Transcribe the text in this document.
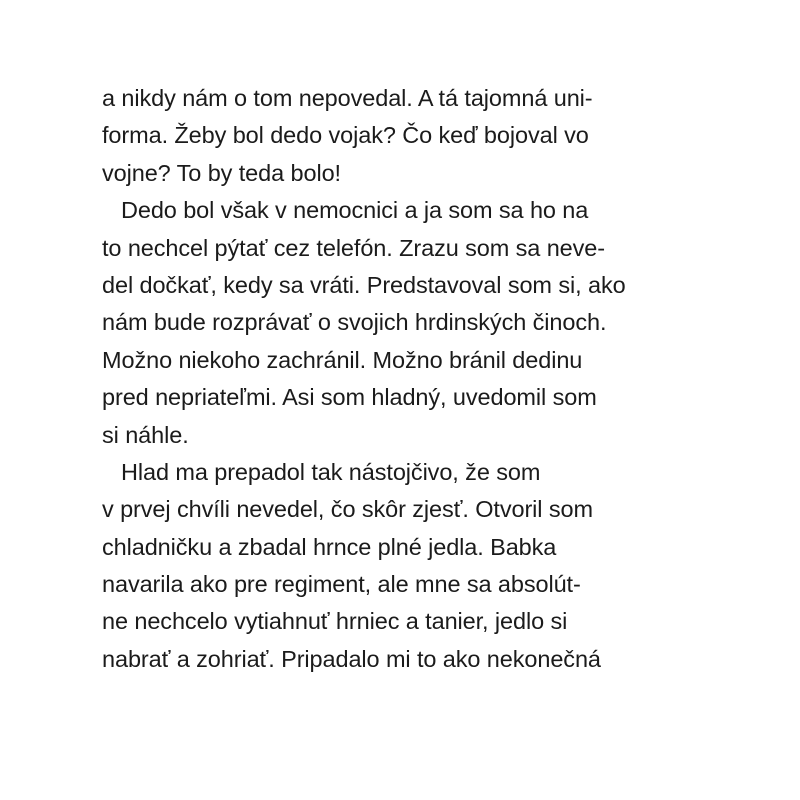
a nikdy nám o tom nepovedal. A tá tajomná uni-
forma. Žeby bol dedo vojak? Čo keď bojoval vo
vojne? To by teda bolo!
Dedo bol však v nemocnici a ja som sa ho na
to nechcel pýtať cez telefón. Zrazu som sa neve-
del dočkať, kedy sa vráti. Predstavoval som si, ako
nám bude rozprávať o svojich hrdinských činoch.
Možno niekoho zachránil. Možno bránil dedinu
pred nepriateľmi. Asi som hladný, uvedomil som
si náhle.
Hlad ma prepadol tak nástojčivo, že som
v prvej chvíli nevedel, čo skôr zjesť. Otvoril som
chladničku a zbadal hrnce plné jedla. Babka
navarila ako pre regiment, ale mne sa absolút-
ne nechcelo vytiahnuť hrniec a tanier, jedlo si
nabrať a zohriať. Pripadalo mi to ako nekonečná
